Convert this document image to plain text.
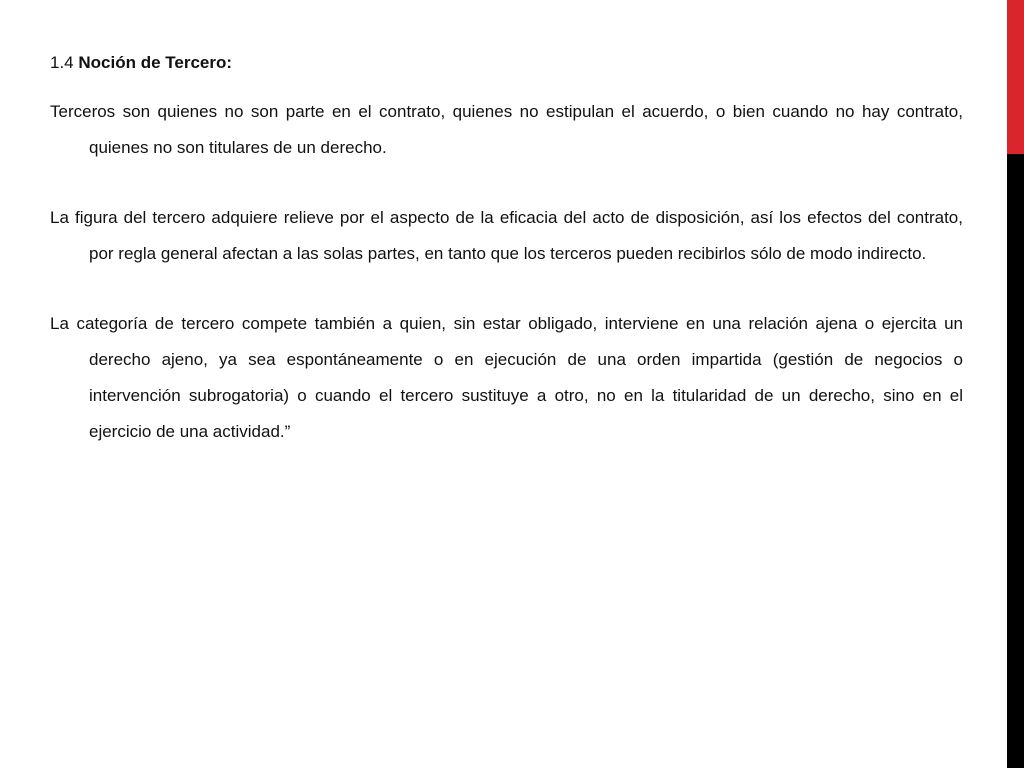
1.4 Noción de Tercero:

Terceros son quienes no son parte en el contrato, quienes no estipulan el acuerdo, o bien cuando no hay contrato, quienes no son titulares de un derecho.

La figura del tercero adquiere relieve por el aspecto de la eficacia del acto de disposición, así los efectos del contrato, por regla general afectan a las solas partes, en tanto que los terceros pueden recibirlos sólo de modo indirecto.

La categoría de tercero compete también a quien, sin estar obligado, interviene en una relación ajena o ejercita un derecho ajeno, ya sea espontáneamente o en ejecución de una orden impartida (gestión de negocios o intervención subrogatoria) o cuando el tercero sustituye a otro, no en la titularidad de un derecho, sino en el ejercicio de una actividad.”
